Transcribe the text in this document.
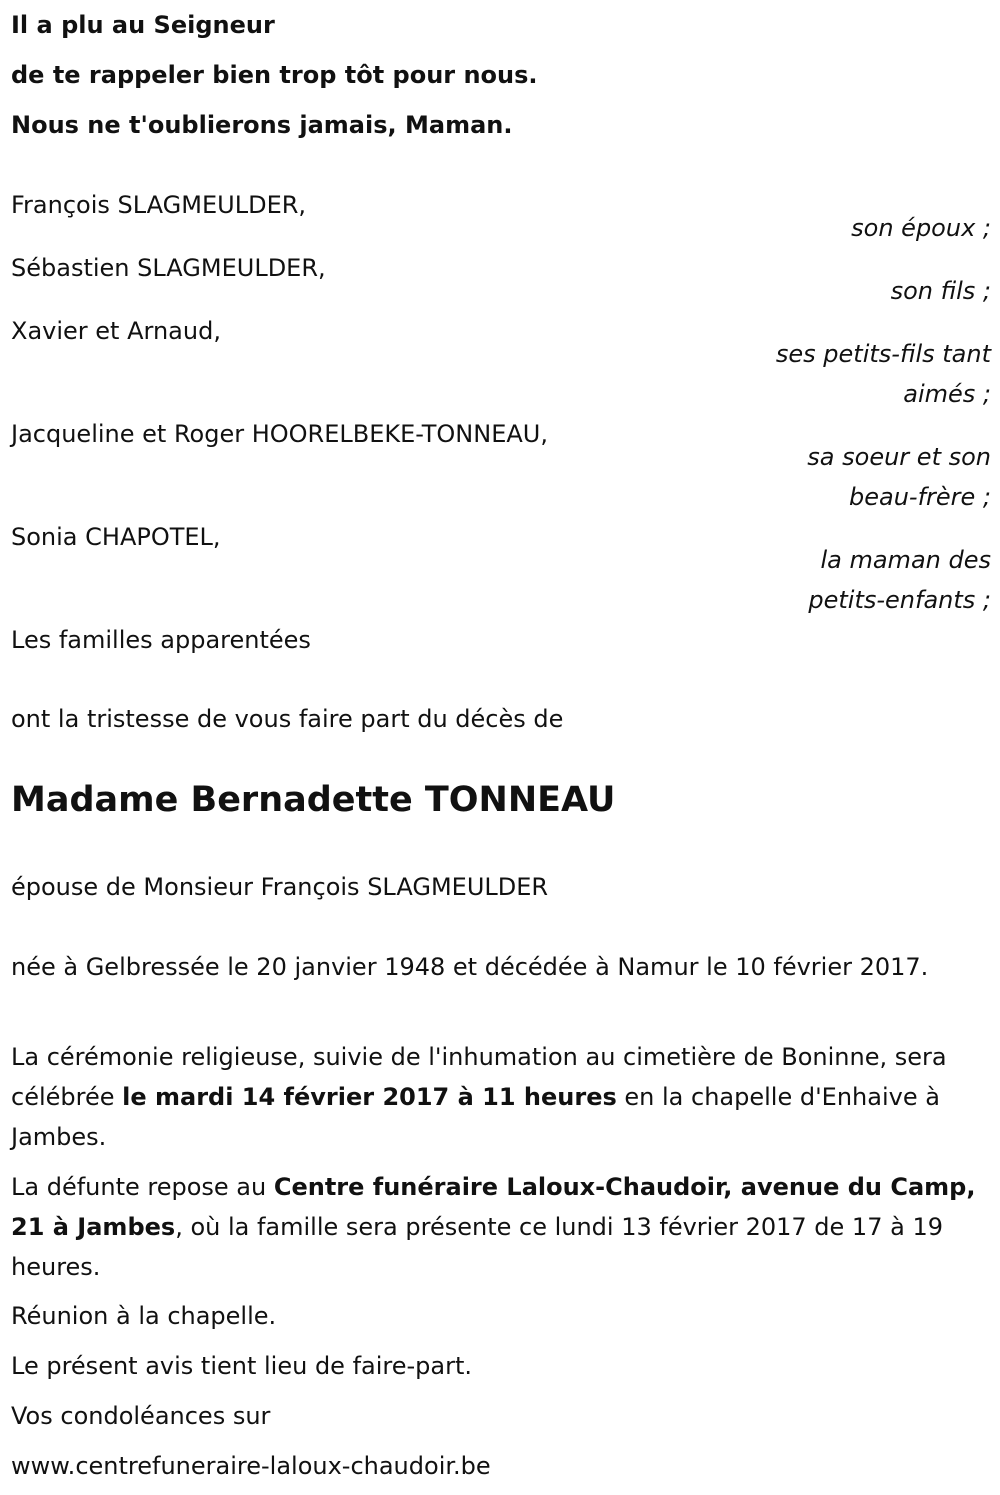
Il a plu au Seigneur

de te rappeler bien trop tôt pour nous.

Nous ne t'oublierons jamais, Maman.

François SLAGMEULDER,

son époux ;

Sébastien SLAGMEULDER,

son fils ;

Xavier et Arnaud,

ses petits-fils tant

aimés ;

Jacqueline et Roger HOORELBEKE-TONNEAU,

sa soeur et son

beau-frère ;

Sonia CHAPOTEL,

la maman des

petits-enfants ;

Les familles apparentées

ont la tristesse de vous faire part du décès de

Madame Bernadette TONNEAU

épouse de Monsieur François SLAGMEULDER

née à Gelbressée le 20 janvier 1948 et décédée à Namur le 10 février 2017.

La cérémonie religieuse, suivie de l'inhumation au cimetière de Boninne, sera célébrée le mardi 14 février 2017 à 11 heures en la chapelle d'Enhaive à Jambes.

La défunte repose au Centre funéraire Laloux-Chaudoir, avenue du Camp, 21 à Jambes, où la famille sera présente ce lundi 13 février 2017 de 17 à 19 heures.

Réunion à la chapelle.

Le présent avis tient lieu de faire-part.

Vos condoléances sur

www.centrefuneraire-laloux-chaudoir.be
